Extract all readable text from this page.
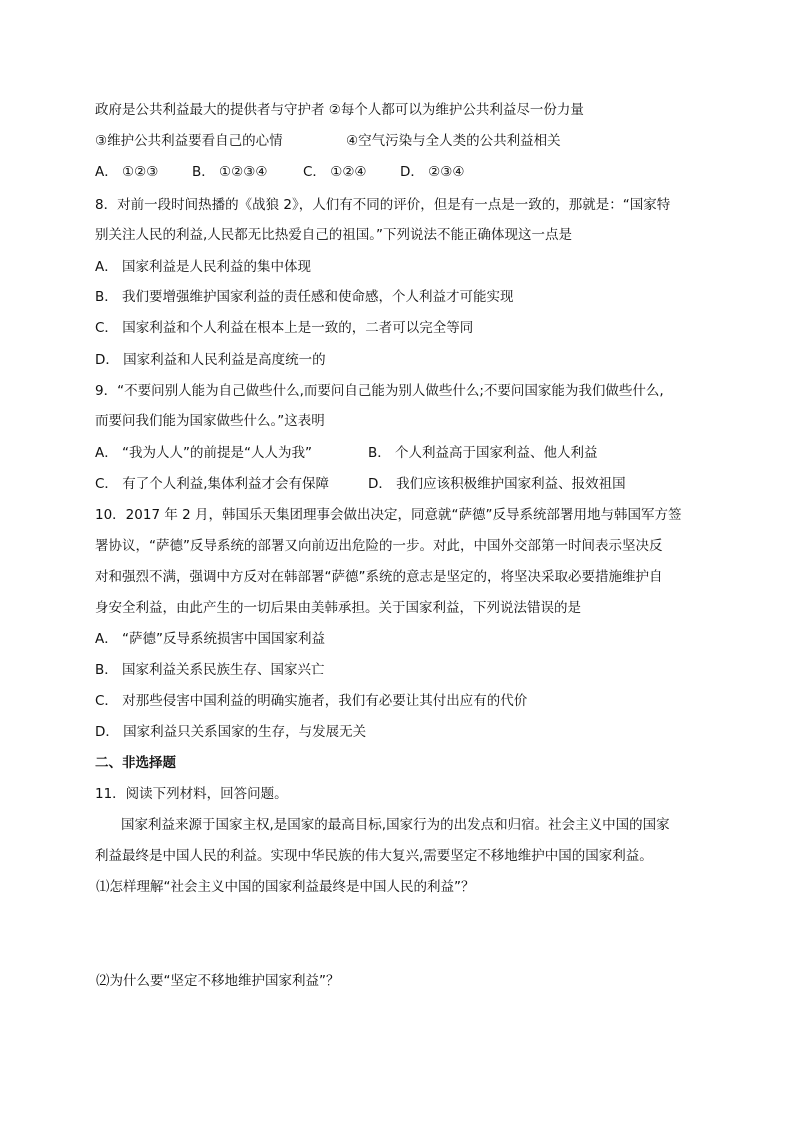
政府是公共利益最大的提供者与守护者 ②每个人都可以为维护公共利益尽一份力量
③维护公共利益要看自己的心情	④空气污染与全人类的公共利益相关
A． ①②③ B． ①②③④	C． ①②④ D． ②③④
8．对前一段时间热播的《战狼 2》，人们有不同的评价，但是有一点是一致的，那就是：“国家特
别关注人民的利益,人民都无比热爱自己的祖国。”下列说法不能正确体现这一点是
A． 国家利益是人民利益的集中体现
B． 我们要增强维护国家利益的责任感和使命感，个人利益才可能实现
C． 国家利益和个人利益在根本上是一致的，二者可以完全等同
D． 国家利益和人民利益是高度统一的
9．“不要问别人能为自己做些什么,而要问自己能为别人做些什么;不要问国家能为我们做些什么,
而要问我们能为国家做些什么。”这表明
A． “我为人人”的前提是“人人为我”	B． 个人利益高于国家利益、他人利益
C． 有了个人利益,集体利益才会有保障	D． 我们应该积极维护国家利益、报效祖国
10．2017 年 2 月，韩国乐天集团理事会做出决定，同意就“萨德”反导系统部署用地与韩国军方签
署协议，“萨德”反导系统的部署又向前迈出危险的一步。对此，中国外交部第一时间表示坚决反
对和强烈不满，强调中方反对在韩部署“萨德”系统的意志是坚定的，将坚决采取必要措施维护自
身安全利益，由此产生的一切后果由美韩承担。关于国家利益，下列说法错误的是
A． “萨德”反导系统损害中国国家利益
B． 国家利益关系民族生存、国家兴亡
C． 对那些侵害中国利益的明确实施者，我们有必要让其付出应有的代价
D． 国家利益只关系国家的生存，与发展无关
二、非选择题
11．阅读下列材料，回答问题。
国家利益来源于国家主权,是国家的最高目标,国家行为的出发点和归宿。社会主义中国的国家
利益最终是中国人民的利益。实现中华民族的伟大复兴,需要坚定不移地维护中国的国家利益。
⑴怎样理解“社会主义中国的国家利益最终是中国人民的利益”？
⑵为什么要“坚定不移地维护国家利益”？
